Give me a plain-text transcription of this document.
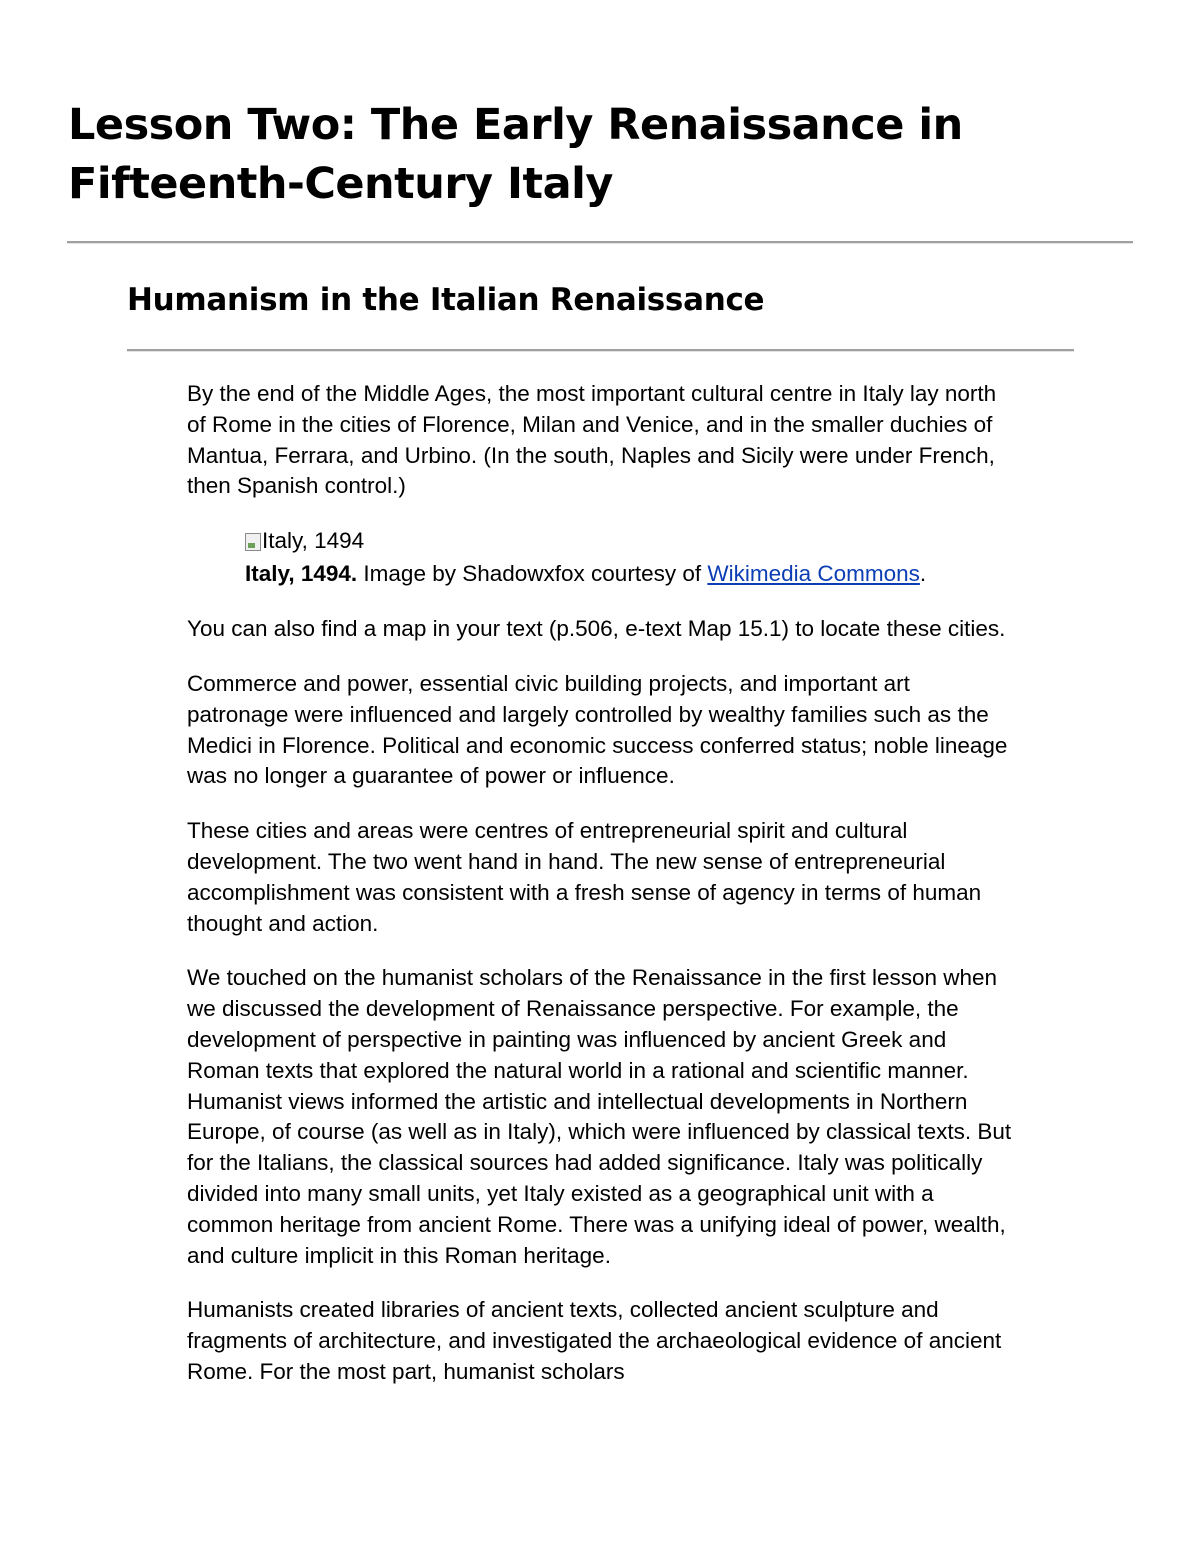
Lesson Two: The Early Renaissance in Fifteenth-Century Italy
Humanism in the Italian Renaissance

By the end of the Middle Ages, the most important cultural centre in Italy lay north of Rome in the cities of Florence, Milan and Venice, and in the smaller duchies of Mantua, Ferrara, and Urbino. (In the south, Naples and Sicily were under French, then Spanish control.)

Italy, 1494
Italy, 1494. Image by Shadowxfox courtesy of Wikimedia Commons.

You can also find a map in your text (p.506, e-text Map 15.1) to locate these cities.

Commerce and power, essential civic building projects, and important art patronage were influenced and largely controlled by wealthy families such as the Medici in Florence. Political and economic success conferred status; noble lineage was no longer a guarantee of power or influence.

These cities and areas were centres of entrepreneurial spirit and cultural development. The two went hand in hand. The new sense of entrepreneurial accomplishment was consistent with a fresh sense of agency in terms of human thought and action.

We touched on the humanist scholars of the Renaissance in the first lesson when we discussed the development of Renaissance perspective. For example, the development of perspective in painting was influenced by ancient Greek and Roman texts that explored the natural world in a rational and scientific manner. Humanist views informed the artistic and intellectual developments in Northern Europe, of course (as well as in Italy), which were influenced by classical texts. But for the Italians, the classical sources had added significance. Italy was politically divided into many small units, yet Italy existed as a geographical unit with a common heritage from ancient Rome. There was a unifying ideal of power, wealth, and culture implicit in this Roman heritage.

Humanists created libraries of ancient texts, collected ancient sculpture and fragments of architecture, and investigated the archaeological evidence of ancient Rome. For the most part, humanist scholars
